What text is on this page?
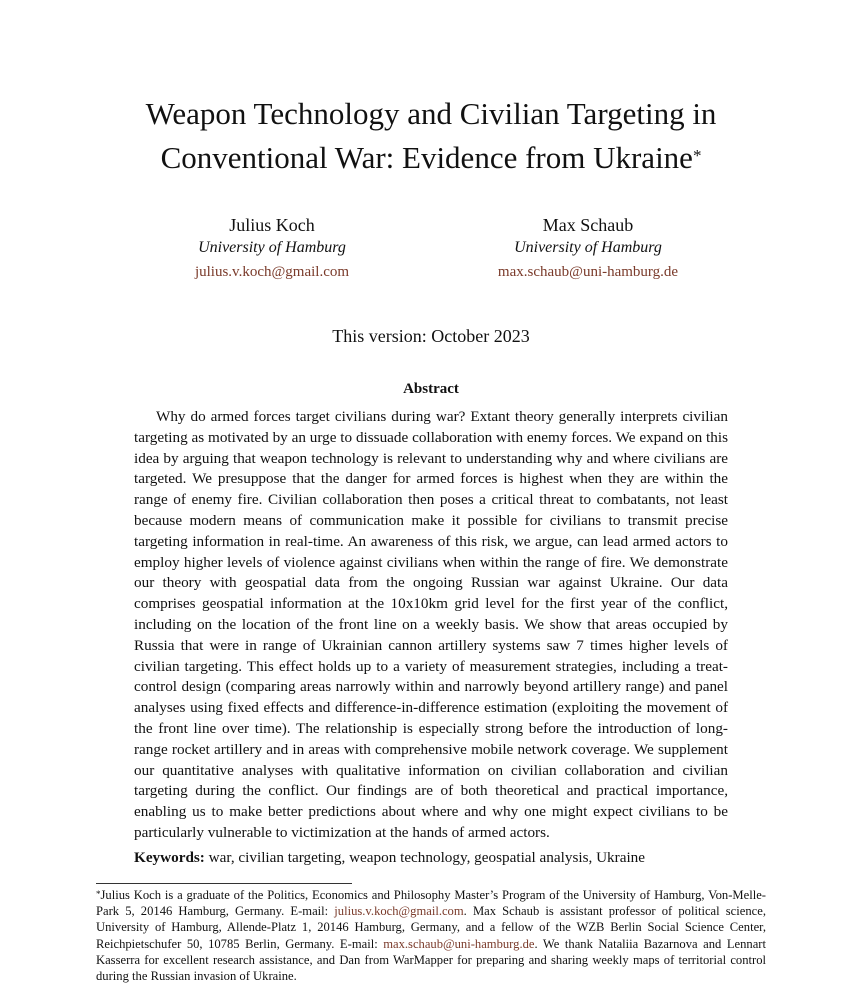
Weapon Technology and Civilian Targeting in
Conventional War: Evidence from Ukraine*
Julius Koch
University of Hamburg
julius.v.koch@gmail.com
Max Schaub
University of Hamburg
max.schaub@uni-hamburg.de
This version: October 2023
Abstract

Why do armed forces target civilians during war? Extant theory generally interprets civilian targeting as motivated by an urge to dissuade collaboration with enemy forces. We expand on this idea by arguing that weapon technology is relevant to understanding why and where civilians are targeted. We presuppose that the danger for armed forces is highest when they are within the range of enemy fire. Civilian collaboration then poses a critical threat to combatants, not least because modern means of communication make it possible for civilians to transmit precise targeting information in real-time. An awareness of this risk, we argue, can lead armed actors to employ higher levels of violence against civilians when within the range of fire. We demonstrate our theory with geospatial data from the ongoing Russian war against Ukraine. Our data comprises geospatial information at the 10x10km grid level for the first year of the conflict, including on the location of the front line on a weekly basis. We show that areas occupied by Russia that were in range of Ukrainian cannon artillery systems saw 7 times higher levels of civilian targeting. This effect holds up to a variety of measurement strategies, including a treat-control design (comparing areas narrowly within and narrowly beyond artillery range) and panel analyses using fixed effects and difference-in-difference estimation (exploiting the movement of the front line over time). The relationship is especially strong before the introduction of long-range rocket artillery and in areas with comprehensive mobile network coverage. We supplement our quantitative analyses with qualitative information on civilian collaboration and civilian targeting during the conflict. Our findings are of both theoretical and practical importance, enabling us to make better predictions about where and why one might expect civilians to be particularly vulnerable to victimization at the hands of armed actors.

Keywords: war, civilian targeting, weapon technology, geospatial analysis, Ukraine

*Julius Koch is a graduate of the Politics, Economics and Philosophy Master’s Program of the University of Hamburg, Von-Melle-Park 5, 20146 Hamburg, Germany. E-mail: julius.v.koch@gmail.com. Max Schaub is assistant professor of political science, University of Hamburg, Allende-Platz 1, 20146 Hamburg, Germany, and a fellow of the WZB Berlin Social Science Center, Reichpietschufer 50, 10785 Berlin, Germany. E-mail: max.schaub@uni-hamburg.de. We thank Nataliia Bazarnova and Lennart Kasserra for excellent research assistance, and Dan from WarMapper for preparing and sharing weekly maps of territorial control during the Russian invasion of Ukraine.
